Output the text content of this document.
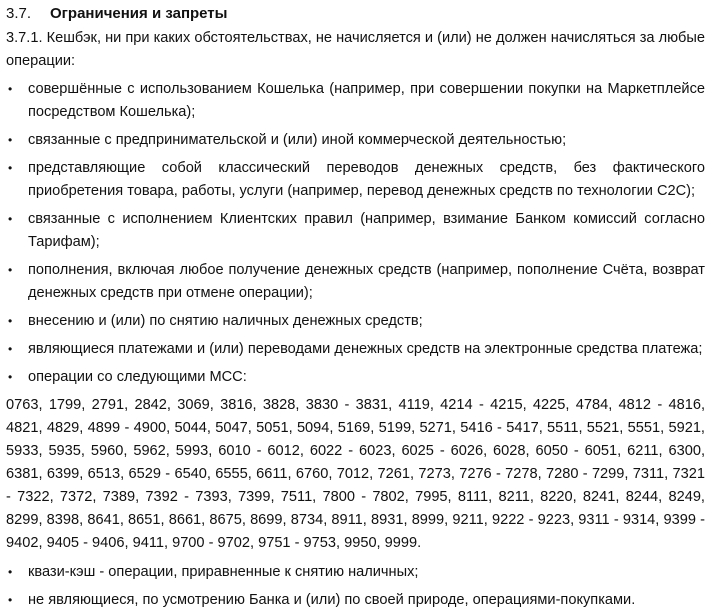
3.7. Ограничения и запреты

3.7.1. Кешбэк, ни при каких обстоятельствах, не начисляется и (или) не должен начисляться за любые операции:

• совершённые с использованием Кошелька (например, при совершении покупки на Маркетплейсе посредством Кошелька);
• связанные с предпринимательской и (или) иной коммерческой деятельностью;
• представляющие собой классический переводов денежных средств, без фактического приобретения товара, работы, услуги (например, перевод денежных средств по технологии C2C);
• связанные с исполнением Клиентских правил (например, взимание Банком комиссий согласно Тарифам);
• пополнения, включая любое получение денежных средств (например, пополнение Счёта, возврат денежных средств при отмене операции);
• внесению и (или) по снятию наличных денежных средств;
• являющиеся платежами и (или) переводами денежных средств на электронные средства платежа;
• операции со следующими MCC:

0763, 1799, 2791, 2842, 3069, 3816, 3828, 3830 - 3831, 4119, 4214 - 4215, 4225, 4784, 4812 - 4816, 4821, 4829, 4899 - 4900, 5044, 5047, 5051, 5094, 5169, 5199, 5271, 5416 - 5417, 5511, 5521, 5551, 5921, 5933, 5935, 5960, 5962, 5993, 6010 - 6012, 6022 - 6023, 6025 - 6026, 6028, 6050 - 6051, 6211, 6300, 6381, 6399, 6513, 6529 - 6540, 6555, 6611, 6760, 7012, 7261, 7273, 7276 - 7278, 7280 - 7299, 7311, 7321 - 7322, 7372, 7389, 7392 - 7393, 7399, 7511, 7800 - 7802, 7995, 8111, 8211, 8220, 8241, 8244, 8249, 8299, 8398, 8641, 8651, 8661, 8675, 8699, 8734, 8911, 8931, 8999, 9211, 9222 - 9223, 9311 - 9314, 9399 - 9402, 9405 - 9406, 9411, 9700 - 9702, 9751 - 9753, 9950, 9999.

• квази-кэш - операции, приравненные к снятию наличных;
• не являющиеся, по усмотрению Банка и (или) по своей природе, операциями-покупками.
